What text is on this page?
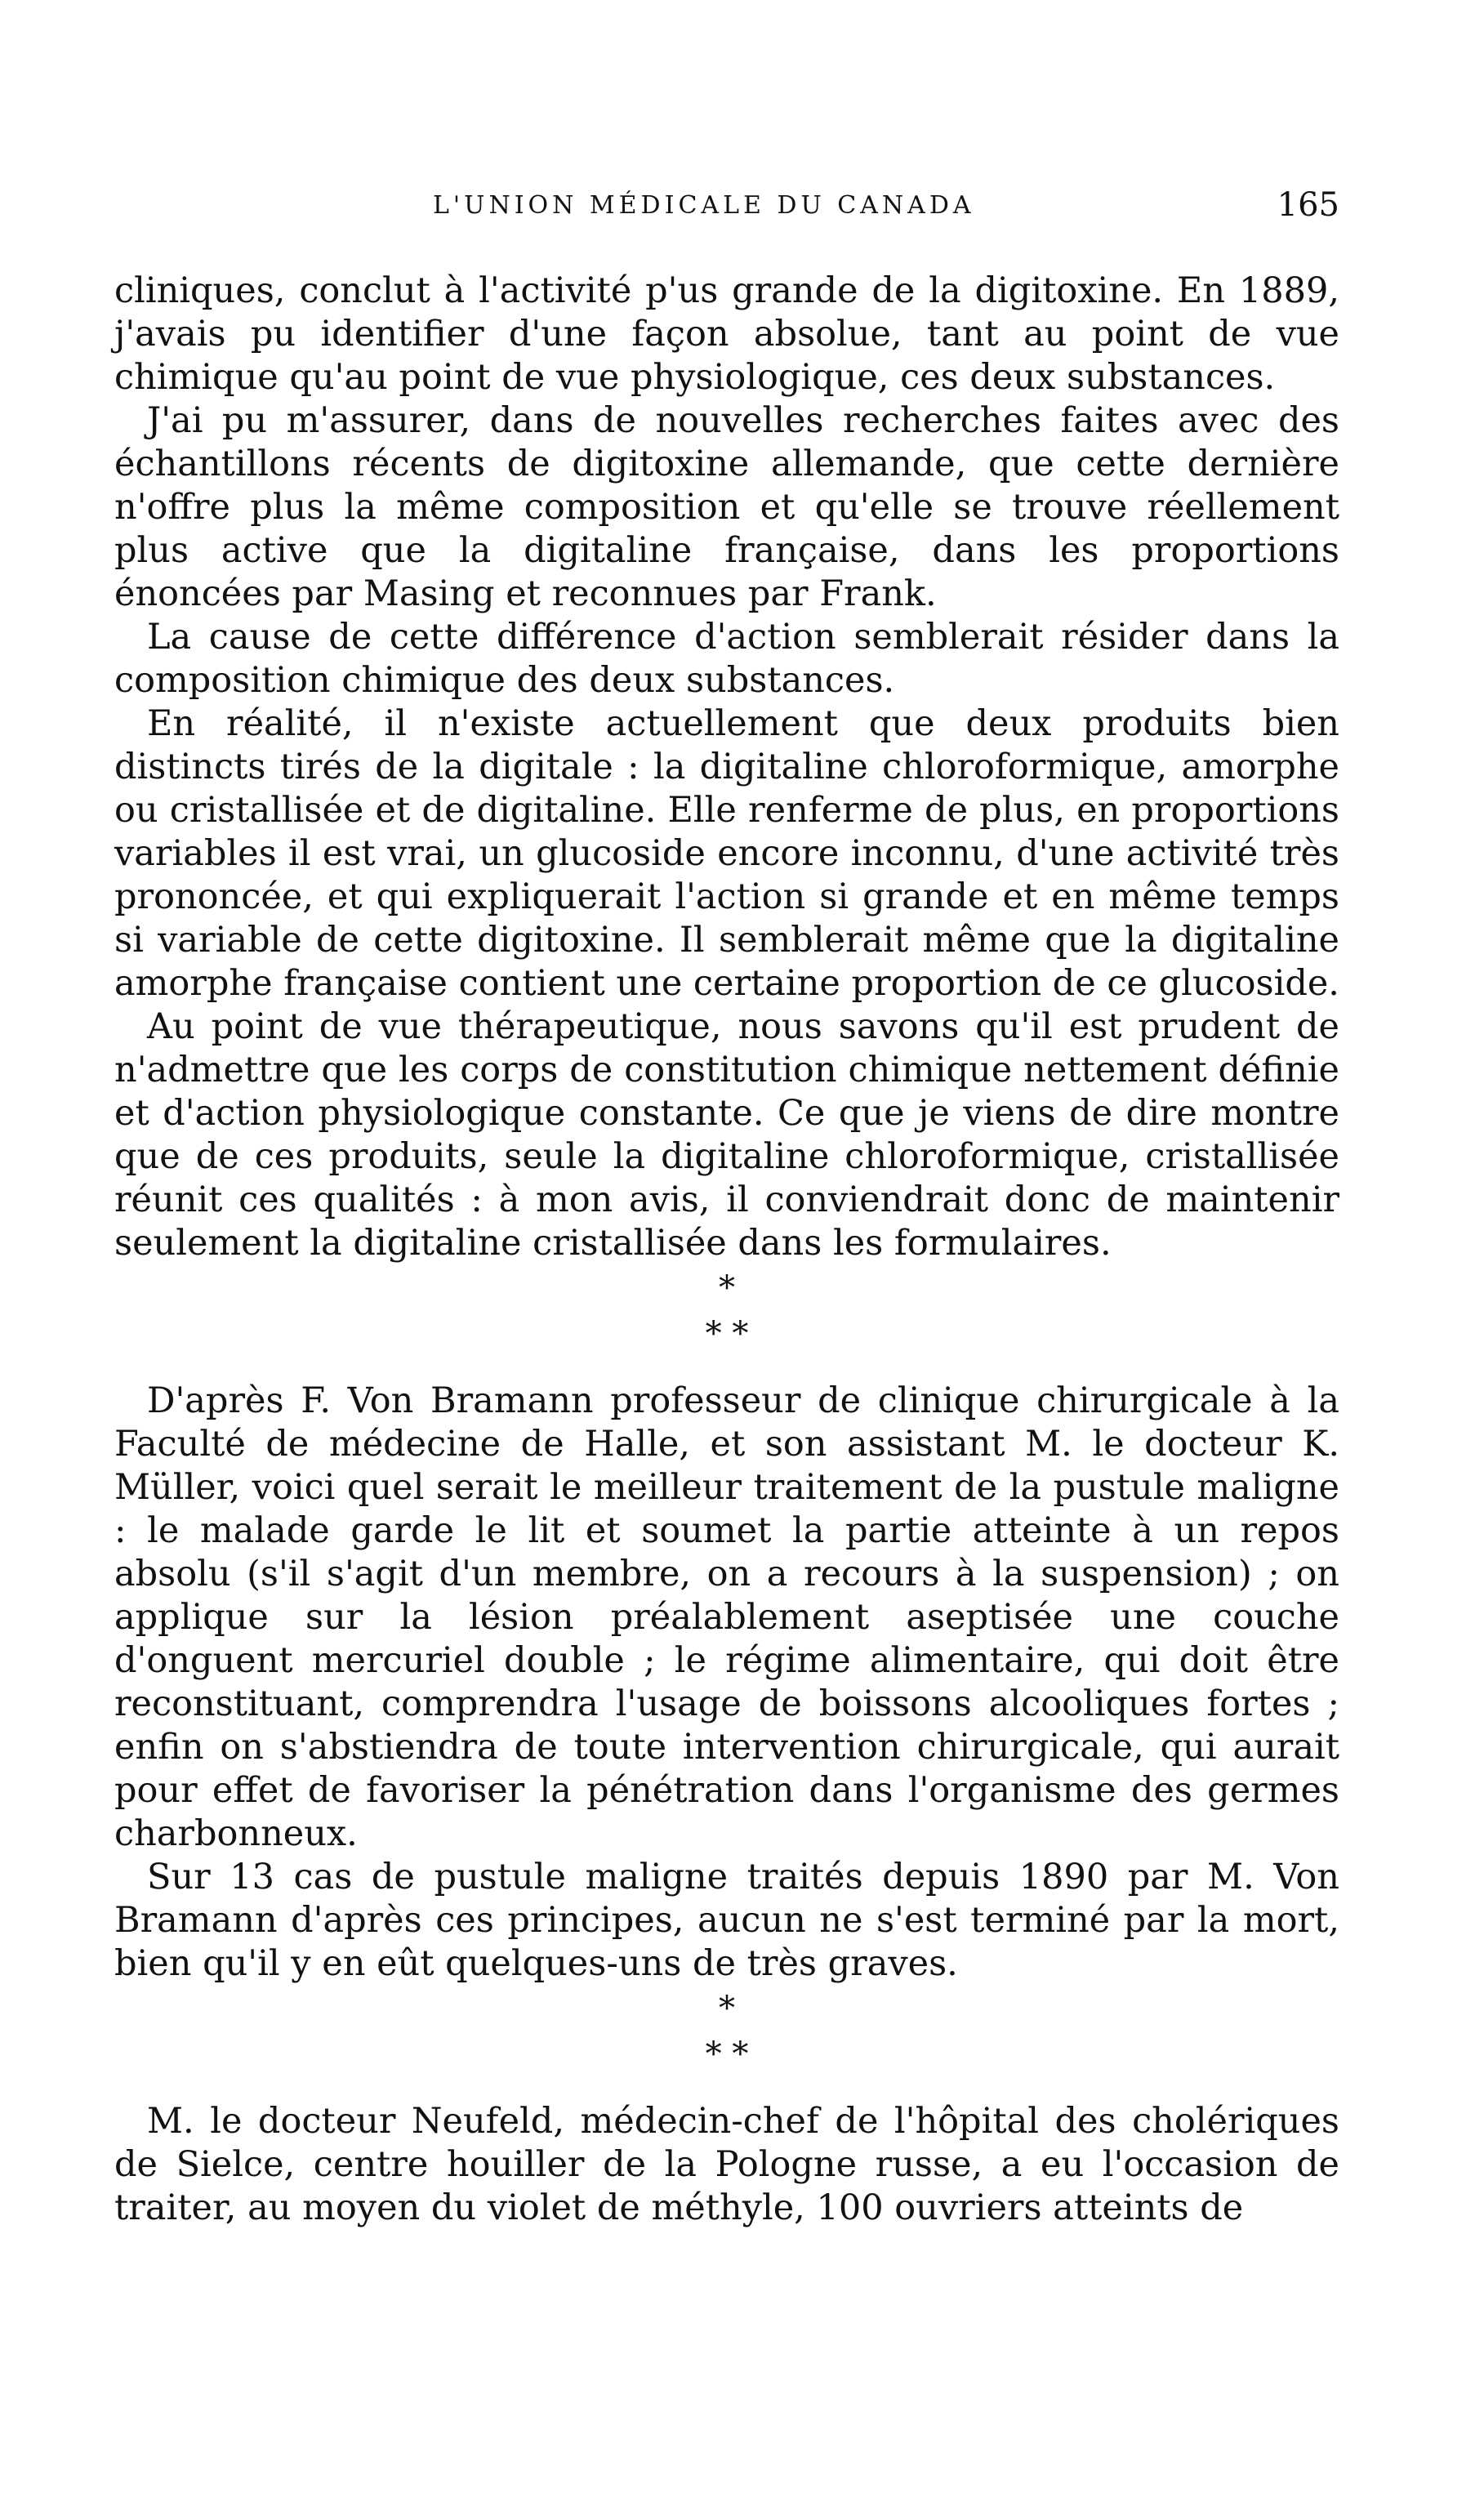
L'UNION MÉDICALE DU CANADA	165

cliniques, conclut à l'activité p'us grande de la digitoxine. En 1889, j'avais pu identifier d'une façon absolue, tant au point de vue chimique qu'au point de vue physiologique, ces deux substances.

J'ai pu m'assurer, dans de nouvelles recherches faites avec des échantillons récents de digitoxine allemande, que cette dernière n'offre plus la même composition et qu'elle se trouve réellement plus active que la digitaline française, dans les proportions énoncées par Masing et reconnues par Frank.

La cause de cette différence d'action semblerait résider dans la composition chimique des deux substances.

En réalité, il n'existe actuellement que deux produits bien distincts tirés de la digitale : la digitaline chloroformique, amorphe ou cristallisée et de digitaline. Elle renferme de plus, en proportions variables il est vrai, un glucoside encore inconnu, d'une activité très prononcée, et qui expliquerait l'action si grande et en même temps si variable de cette digitoxine. Il semblerait même que la digitaline amorphe française contient une certaine proportion de ce glucoside.

Au point de vue thérapeutique, nous savons qu'il est prudent de n'admettre que les corps de constitution chimique nettement définie et d'action physiologique constante. Ce que je viens de dire montre que de ces produits, seule la digitaline chloroformique, cristallisée réunit ces qualités : à mon avis, il conviendrait donc de maintenir seulement la digitaline cristallisée dans les formulaires.

*
* *

D'après F. Von Bramann professeur de clinique chirurgicale à la Faculté de médecine de Halle, et son assistant M. le docteur K. Müller, voici quel serait le meilleur traitement de la pustule maligne : le malade garde le lit et soumet la partie atteinte à un repos absolu (s'il s'agit d'un membre, on a recours à la suspension) ; on applique sur la lésion préalablement aseptisée une couche d'onguent mercuriel double ; le régime alimentaire, qui doit être reconstituant, comprendra l'usage de boissons alcooliques fortes ; enfin on s'abstiendra de toute intervention chirurgicale, qui aurait pour effet de favoriser la pénétration dans l'organisme des germes charbonneux.

Sur 13 cas de pustule maligne traités depuis 1890 par M. Von Bramann d'après ces principes, aucun ne s'est terminé par la mort, bien qu'il y en eût quelques-uns de très graves.

*
* *

M. le docteur Neufeld, médecin-chef de l'hôpital des cholériques de Sielce, centre houiller de la Pologne russe, a eu l'occasion de traiter, au moyen du violet de méthyle, 100 ouvriers atteints de
